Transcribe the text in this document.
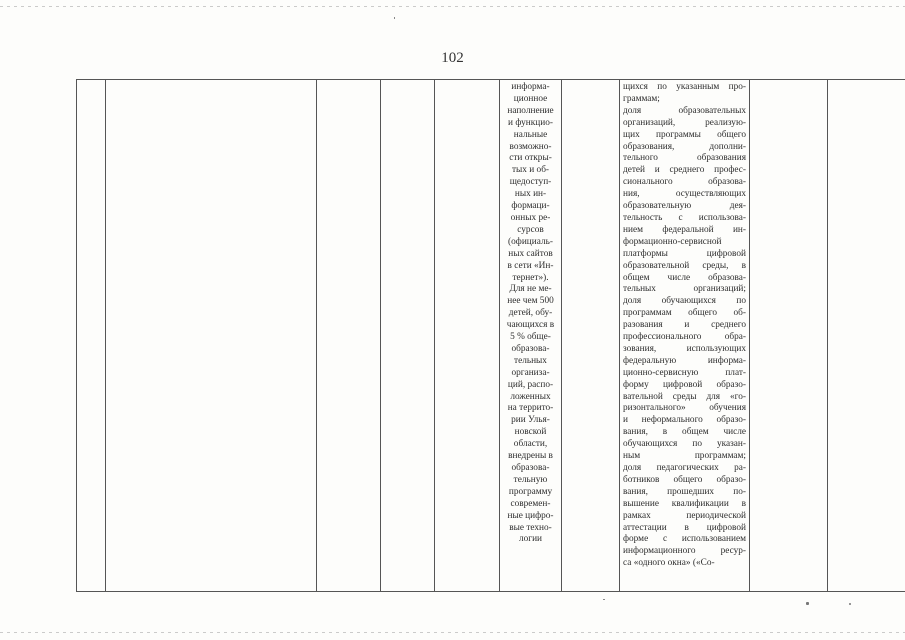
102
информа-
ционное
наполнение
и функцио-
нальные
возможно-
сти откры-
тых и об-
щедоступ-
ных ин-
формаци-
онных ре-
сурсов
(официаль-
ных сайтов
в сети «Ин-
тернет»).
Для не ме-
нее чем 500
детей, обу-
чающихся в
5 % обще-
образова-
тельных
организа-
ций, распо-
ложенных
на террито-
рии Улья-
новской
области,
внедрены в
образова-
тельную
программу
современ-
ные цифро-
вые техно-
логии
щихся по указанным про-
граммам;
доля образовательных
организаций, реализую-
щих программы общего
образования, дополни-
тельного образования
детей и среднего профес-
сионального образова-
ния, осуществляющих
образовательную дея-
тельность с использова-
нием федеральной ин-
формационно-сервисной
платформы цифровой
образовательной среды, в
общем числе образова-
тельных организаций;
доля обучающихся по
программам общего об-
разования и среднего
профессионального обра-
зования, использующих
федеральную информа-
ционно-сервисную плат-
форму цифровой образо-
вательной среды для «го-
ризонтального» обучения
и неформального образо-
вания, в общем числе
обучающихся по указан-
ным программам;
доля педагогических ра-
ботников общего образо-
вания, прошедших по-
вышение квалификации в
рамках периодической
аттестации в цифровой
форме с использованием
информационного ресур-
са «одного окна» («Со-
